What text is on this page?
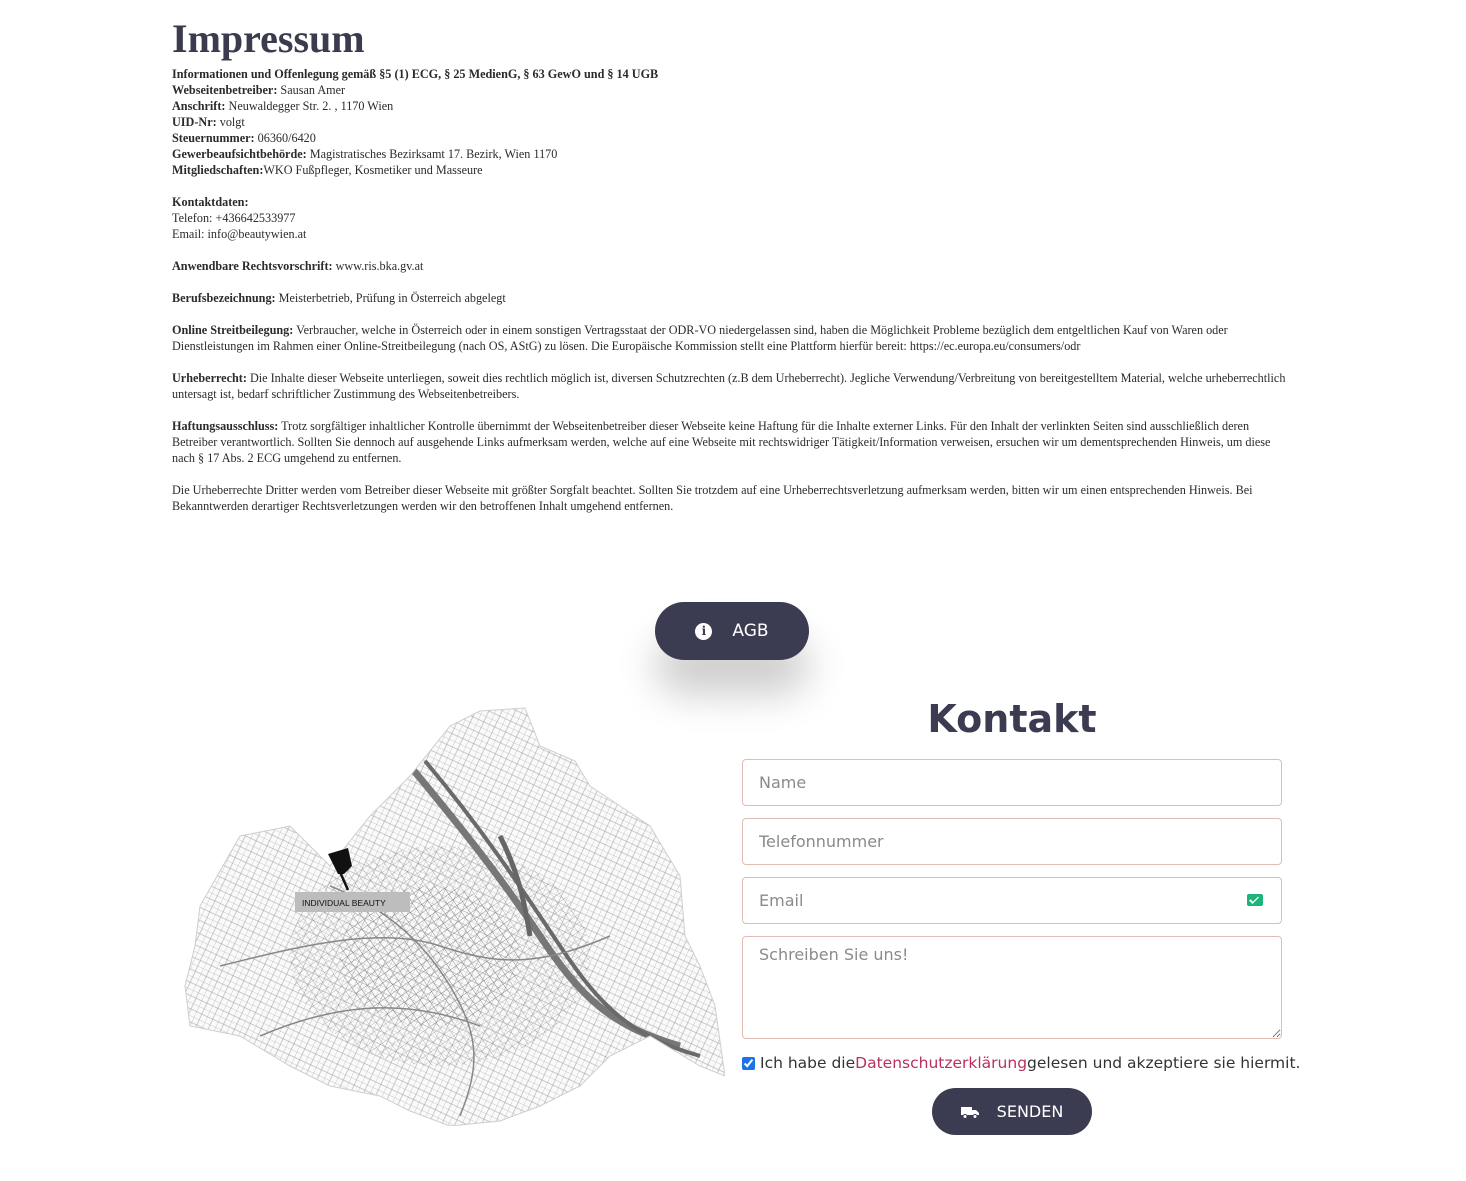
Impressum

Informationen und Offenlegung gemäß §5 (1) ECG, § 25 MedienG, § 63 GewO und § 14 UGB

Webseitenbetreiber: Sausan Amer

Anschrift: Neuwaldegger Str. 2. , 1170 Wien

UID-Nr: volgt

Steuernummer: 06360/6420

Gewerbeaufsichtbehörde: Magistratisches Bezirksamt 17. Bezirk, Wien 1170

Mitgliedschaften:WKO Fußpfleger, Kosmetiker und Masseure

Kontaktdaten:

Telefon: +436642533977

Email: info@beautywien.at

Anwendbare Rechtsvorschrift: www.ris.bka.gv.at

Berufsbezeichnung: Meisterbetrieb, Prüfung in Österreich abgelegt

Online Streitbeilegung: Verbraucher, welche in Österreich oder in einem sonstigen Vertragsstaat der ODR-VO niedergelassen sind, haben die Möglichkeit Probleme bezüglich dem entgeltlichen Kauf von Waren oder Dienstleistungen im Rahmen einer Online-Streitbeilegung (nach OS, AStG) zu lösen. Die Europäische Kommission stellt eine Plattform hierfür bereit: https://ec.europa.eu/consumers/odr

Urheberrecht: Die Inhalte dieser Webseite unterliegen, soweit dies rechtlich möglich ist, diversen Schutzrechten (z.B dem Urheberrecht). Jegliche Verwendung/Verbreitung von bereitgestelltem Material, welche urheberrechtlich untersagt ist, bedarf schriftlicher Zustimmung des Webseitenbetreibers.

Haftungsausschluss: Trotz sorgfältiger inhaltlicher Kontrolle übernimmt der Webseitenbetreiber dieser Webseite keine Haftung für die Inhalte externer Links. Für den Inhalt der verlinkten Seiten sind ausschließlich deren Betreiber verantwortlich. Sollten Sie dennoch auf ausgehende Links aufmerksam werden, welche auf eine Webseite mit rechtswidriger Tätigkeit/Information verweisen, ersuchen wir um dementsprechenden Hinweis, um diese nach § 17 Abs. 2 ECG umgehend zu entfernen.

Die Urheberrechte Dritter werden vom Betreiber dieser Webseite mit größter Sorgfalt beachtet. Sollten Sie trotzdem auf eine Urheberrechtsverletzung aufmerksam werden, bitten wir um einen entsprechenden Hinweis. Bei Bekanntwerden derartiger Rechtsverletzungen werden wir den betroffenen Inhalt umgehend entfernen.

i	AGB
INDIVIDUAL BEAUTY
Kontakt
Name
Telefonnummer
Email
Schreiben Sie uns!
Ich habe die Datenschutzerklärung gelesen und akzeptiere sie hiermit.
SENDEN
